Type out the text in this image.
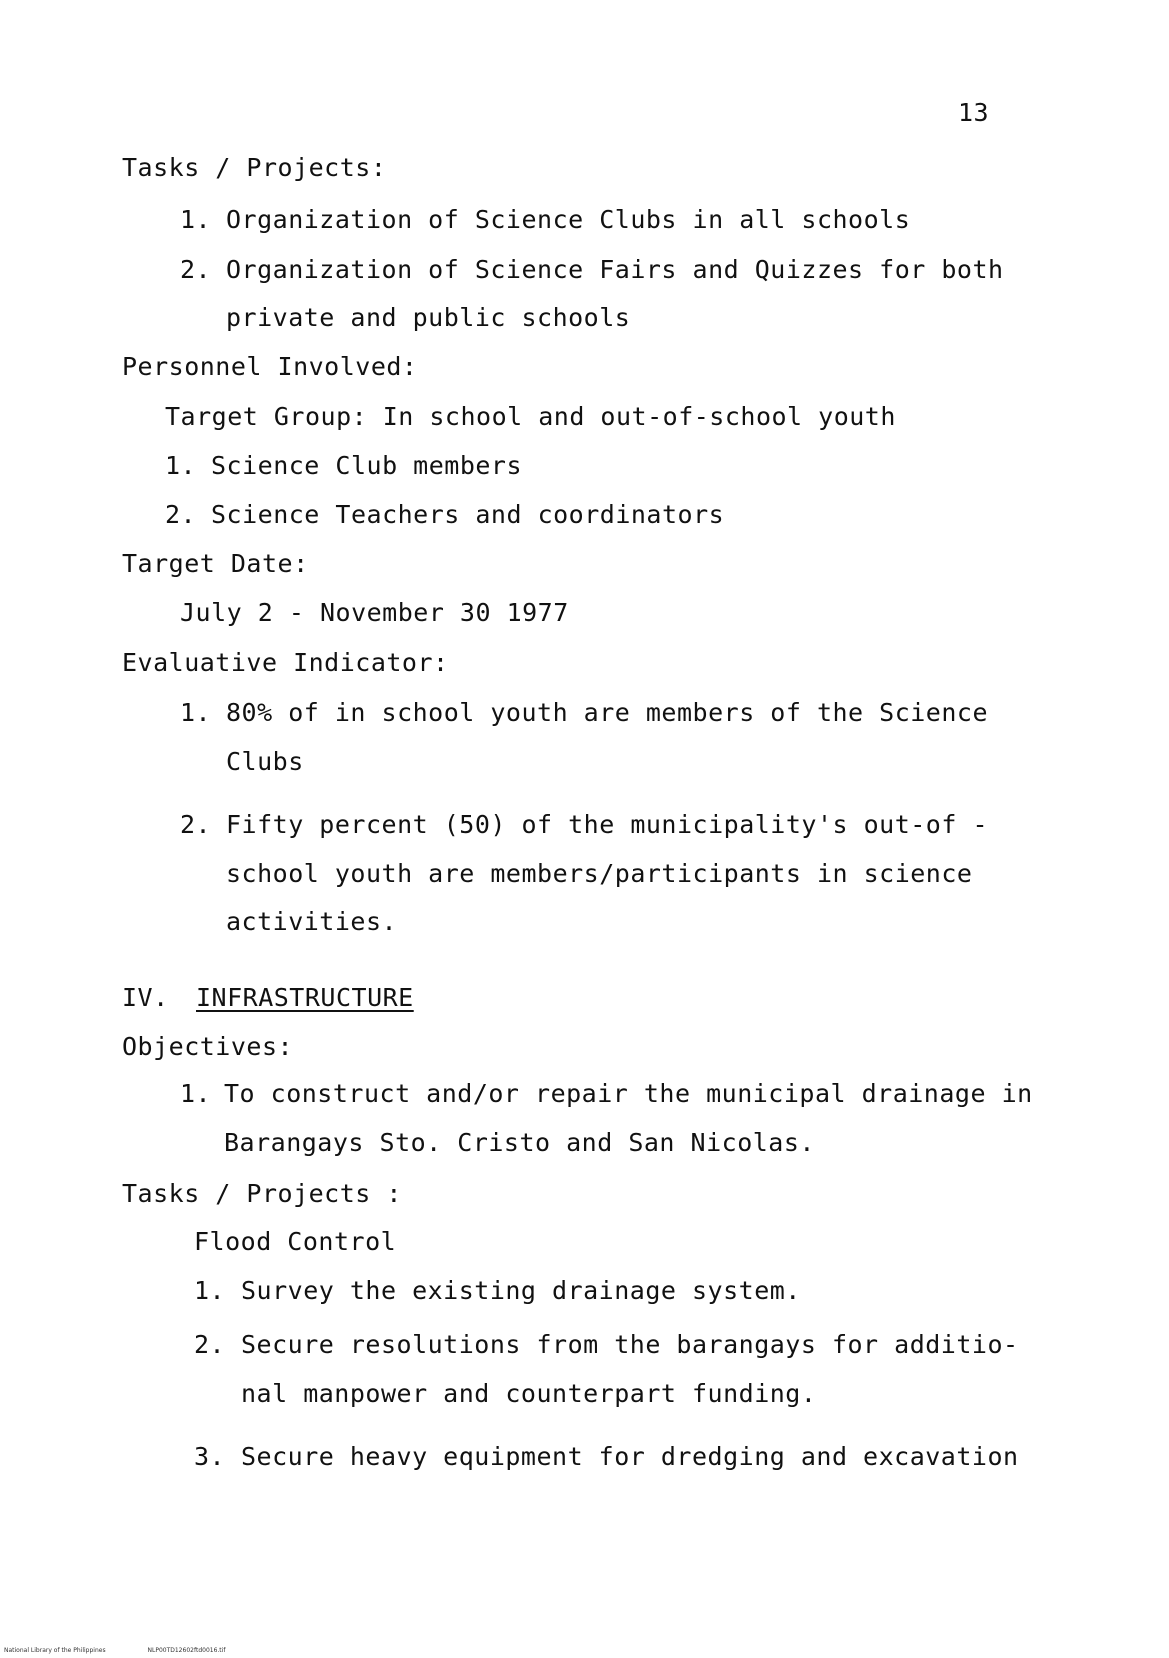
13
Tasks / Projects:
1. Organization of Science Clubs in all schools
2. Organization of Science Fairs and Quizzes for both
private and public schools
Personnel Involved:
Target Group: In school and out-of-school youth
1. Science Club members
2. Science Teachers and coordinators
Target Date:
July 2 - November 30 1977
Evaluative Indicator:
1. 80% of in school youth are members of the Science
Clubs
2. Fifty percent (50) of the municipality's out-of -
school youth are members/participants in science
activities.
IV. INFRASTRUCTURE
Objectives:
1. To construct and/or repair the municipal drainage in
Barangays Sto. Cristo and San Nicolas.
Tasks / Projects :
Flood Control
1. Survey the existing drainage system.
2. Secure resolutions from the barangays for additio-
nal manpower and counterpart funding.
3. Secure heavy equipment for dredging and excavation
National Library of the Philippines	NLP00TD12602ftd0016.tif
